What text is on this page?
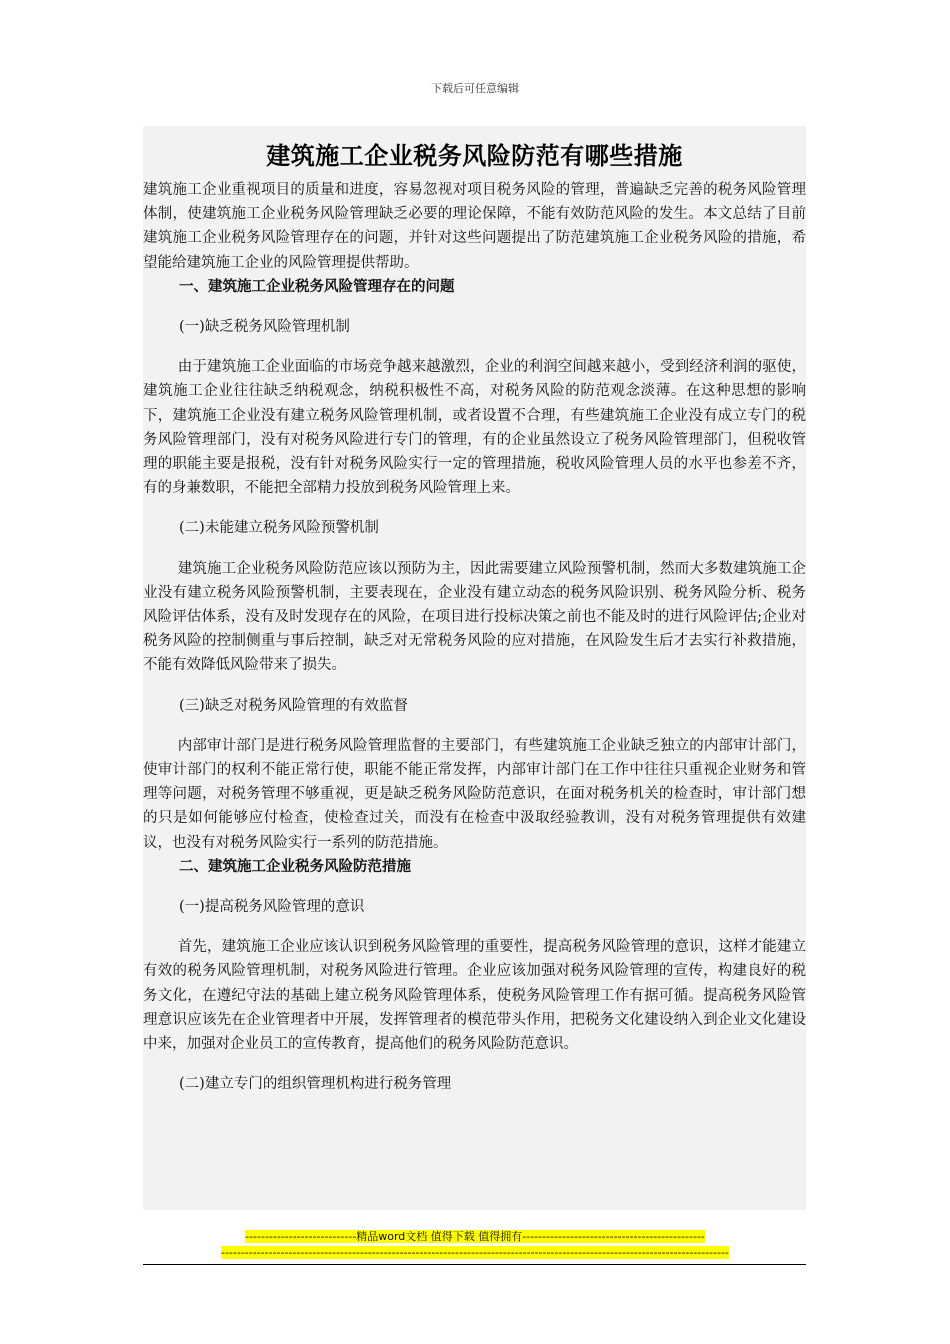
下载后可任意编辑
建筑施工企业税务风险防范有哪些措施

建筑施工企业重视项目的质量和进度，容易忽视对项目税务风险的管理，普遍缺乏完善的税务风险管理体制，使建筑施工企业税务风险管理缺乏必要的理论保障，不能有效防范风险的发生。本文总结了目前建筑施工企业税务风险管理存在的问题，并针对这些问题提出了防范建筑施工企业税务风险的措施，希望能给建筑施工企业的风险管理提供帮助。

一、建筑施工企业税务风险管理存在的问题
(一)缺乏税务风险管理机制

由于建筑施工企业面临的市场竞争越来越激烈，企业的利润空间越来越小，受到经济利润的驱使，建筑施工企业往往缺乏纳税观念，纳税积极性不高，对税务风险的防范观念淡薄。在这种思想的影响下，建筑施工企业没有建立税务风险管理机制，或者设置不合理，有些建筑施工企业没有成立专门的税务风险管理部门，没有对税务风险进行专门的管理，有的企业虽然设立了税务风险管理部门，但税收管理的职能主要是报税，没有针对税务风险实行一定的管理措施，税收风险管理人员的水平也参差不齐，有的身兼数职，不能把全部精力投放到税务风险管理上来。

(二)未能建立税务风险预警机制

建筑施工企业税务风险防范应该以预防为主，因此需要建立风险预警机制，然而大多数建筑施工企业没有建立税务风险预警机制，主要表现在，企业没有建立动态的税务风险识别、税务风险分析、税务风险评估体系，没有及时发现存在的风险，在项目进行投标决策之前也不能及时的进行风险评估;企业对税务风险的控制侧重与事后控制，缺乏对无常税务风险的应对措施，在风险发生后才去实行补救措施，不能有效降低风险带来了损失。

(三)缺乏对税务风险管理的有效监督

内部审计部门是进行税务风险管理监督的主要部门，有些建筑施工企业缺乏独立的内部审计部门，使审计部门的权利不能正常行使，职能不能正常发挥，内部审计部门在工作中往往只重视企业财务和管理等问题，对税务管理不够重视，更是缺乏税务风险防范意识，在面对税务机关的检查时，审计部门想的只是如何能够应付检查，使检查过关，而没有在检查中汲取经验教训，没有对税务管理提供有效建议，也没有对税务风险实行一系列的防范措施。

二、建筑施工企业税务风险防范措施
(一)提高税务风险管理的意识

首先，建筑施工企业应该认识到税务风险管理的重要性，提高税务风险管理的意识，这样才能建立有效的税务风险管理机制，对税务风险进行管理。企业应该加强对税务风险管理的宣传，构建良好的税务文化，在遵纪守法的基础上建立税务风险管理体系，使税务风险管理工作有据可循。提高税务风险管理意识应该先在企业管理者中开展，发挥管理者的模范带头作用，把税务文化建设纳入到企业文化建设中来，加强对企业员工的宣传教育，提高他们的税务风险防范意识。

(二)建立专门的组织管理机构进行税务管理
----------------------------精品word文档 值得下载 值得拥有----------------------------------------------
--------------------------------------------------------------------------------------------------------------------------------
